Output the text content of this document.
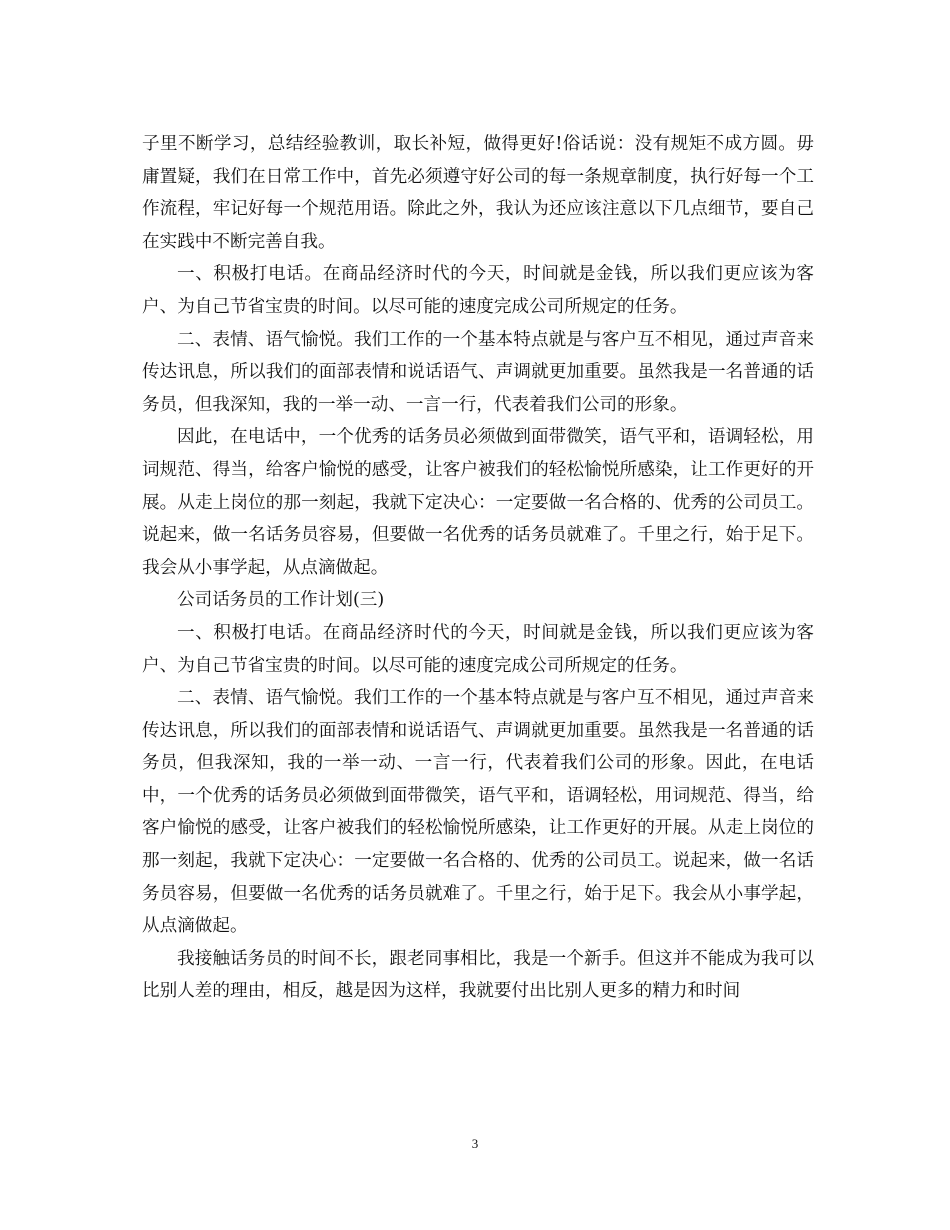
子里不断学习，总结经验教训，取长补短，做得更好!俗话说：没有规矩不成方圆。毋庸置疑，我们在日常工作中，首先必须遵守好公司的每一条规章制度，执行好每一个工作流程，牢记好每一个规范用语。除此之外，我认为还应该注意以下几点细节，要自己在实践中不断完善自我。

一、积极打电话。在商品经济时代的今天，时间就是金钱，所以我们更应该为客户、为自己节省宝贵的时间。以尽可能的速度完成公司所规定的任务。

二、表情、语气愉悦。我们工作的一个基本特点就是与客户互不相见，通过声音来传达讯息，所以我们的面部表情和说话语气、声调就更加重要。虽然我是一名普通的话务员，但我深知，我的一举一动、一言一行，代表着我们公司的形象。

因此，在电话中，一个优秀的话务员必须做到面带微笑，语气平和，语调轻松，用词规范、得当，给客户愉悦的感受，让客户被我们的轻松愉悦所感染，让工作更好的开展。从走上岗位的那一刻起，我就下定决心：一定要做一名合格的、优秀的公司员工。说起来，做一名话务员容易，但要做一名优秀的话务员就难了。千里之行，始于足下。我会从小事学起，从点滴做起。

公司话务员的工作计划(三)

一、积极打电话。在商品经济时代的今天，时间就是金钱，所以我们更应该为客户、为自己节省宝贵的时间。以尽可能的速度完成公司所规定的任务。

二、表情、语气愉悦。我们工作的一个基本特点就是与客户互不相见，通过声音来传达讯息，所以我们的面部表情和说话语气、声调就更加重要。虽然我是一名普通的话务员，但我深知，我的一举一动、一言一行，代表着我们公司的形象。因此，在电话中，一个优秀的话务员必须做到面带微笑，语气平和，语调轻松，用词规范、得当，给客户愉悦的感受，让客户被我们的轻松愉悦所感染，让工作更好的开展。从走上岗位的那一刻起，我就下定决心：一定要做一名合格的、优秀的公司员工。说起来，做一名话务员容易，但要做一名优秀的话务员就难了。千里之行，始于足下。我会从小事学起，从点滴做起。

我接触话务员的时间不长，跟老同事相比，我是一个新手。但这并不能成为我可以比别人差的理由，相反，越是因为这样，我就要付出比别人更多的精力和时间

3
